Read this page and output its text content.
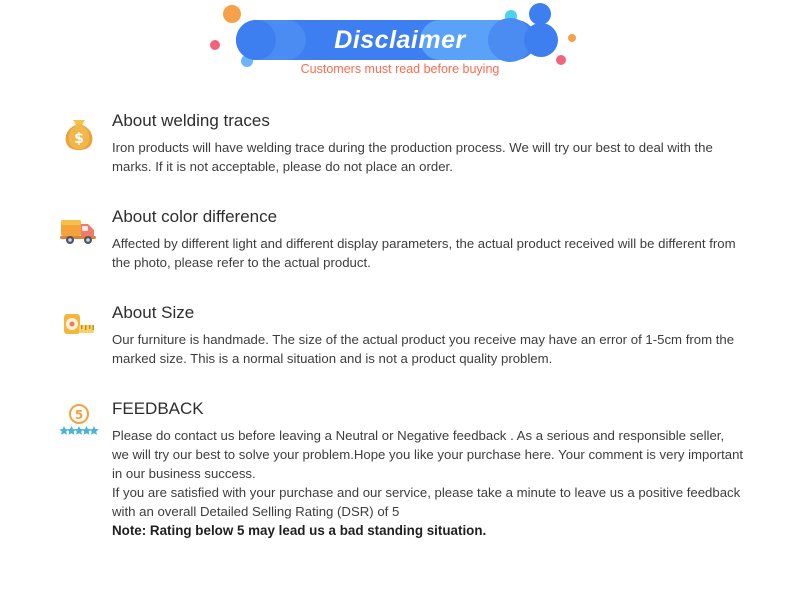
Disclaimer
Customers must read before buying
$
About welding traces

Iron products will have welding trace during the production process. We will try our best to deal with the marks. If it is not acceptable, please do not place an order.

About color difference

Affected by different light and different display parameters, the actual product received will be different from the photo, please refer to the actual product.

About Size

Our furniture is handmade. The size of the actual product you receive may have an error of 1-5cm from the marked size. This is a normal situation and is not a product quality problem.

5 FEEDBACK

Please do contact us before leaving a Neutral or Negative feedback . As a serious and responsible seller, we will try our best to solve your problem.Hope you like your purchase here. Your comment is very important in our business success.

If you are satisfied with your purchase and our service, please take a minute to leave us a positive feedback with an overall Detailed Selling Rating (DSR) of 5

Note: Rating below 5 may lead us a bad standing situation.
